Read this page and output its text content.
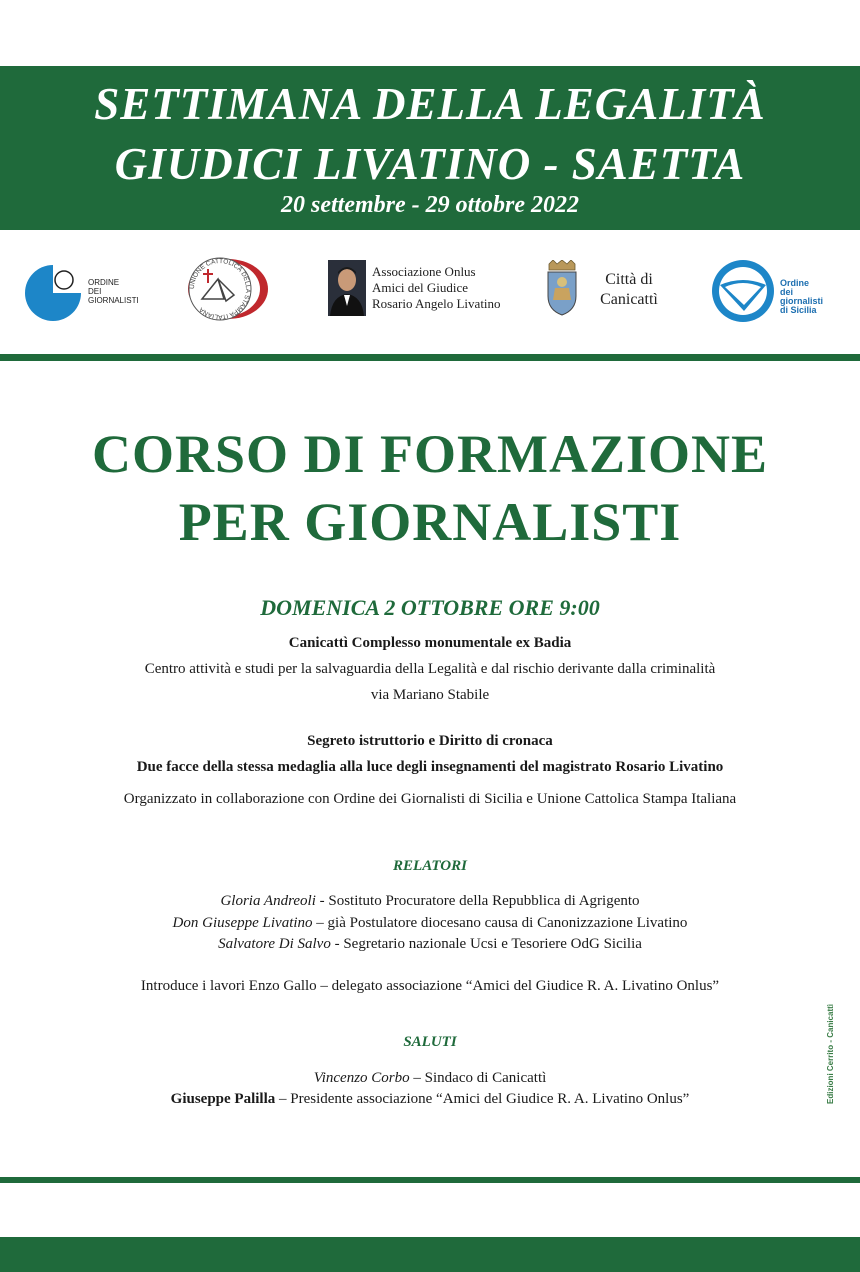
SETTIMANA DELLA LEGALITÀ
GIUDICI LIVATINO - SAETTA
20 settembre - 29 ottobre 2022
ORDINE
DEI
GIORNALISTI
UNIONE CATTOLICA DELLA STAMPA ITALIANA
Associazione Onlus
Amici del Giudice
Rosario Angelo Livatino
Città di
Canicattì
Ordine
dei
giornalisti
di Sicilia
CORSO DI FORMAZIONE
PER GIORNALISTI
DOMENICA 2 OTTOBRE ORE 9:00
Canicattì Complesso monumentale ex Badia
Centro attività e studi per la salvaguardia della Legalità e dal rischio derivante dalla criminalità
via Mariano Stabile
Segreto istruttorio e Diritto di cronaca
Due facce della stessa medaglia alla luce degli insegnamenti del magistrato Rosario Livatino
Organizzato in collaborazione con Ordine dei Giornalisti di Sicilia e Unione Cattolica Stampa Italiana
RELATORI
Gloria Andreoli - Sostituto Procuratore della Repubblica di Agrigento
Don Giuseppe Livatino – già Postulatore diocesano causa di Canonizzazione Livatino
Salvatore Di Salvo - Segretario nazionale Ucsi e Tesoriere OdG Sicilia
Introduce i lavori Enzo Gallo – delegato associazione “Amici del Giudice R. A. Livatino Onlus”
SALUTI
Vincenzo Corbo – Sindaco di Canicattì
Giuseppe Palilla – Presidente associazione “Amici del Giudice R. A. Livatino Onlus”	Edizioni Cerrito - Canicattì
